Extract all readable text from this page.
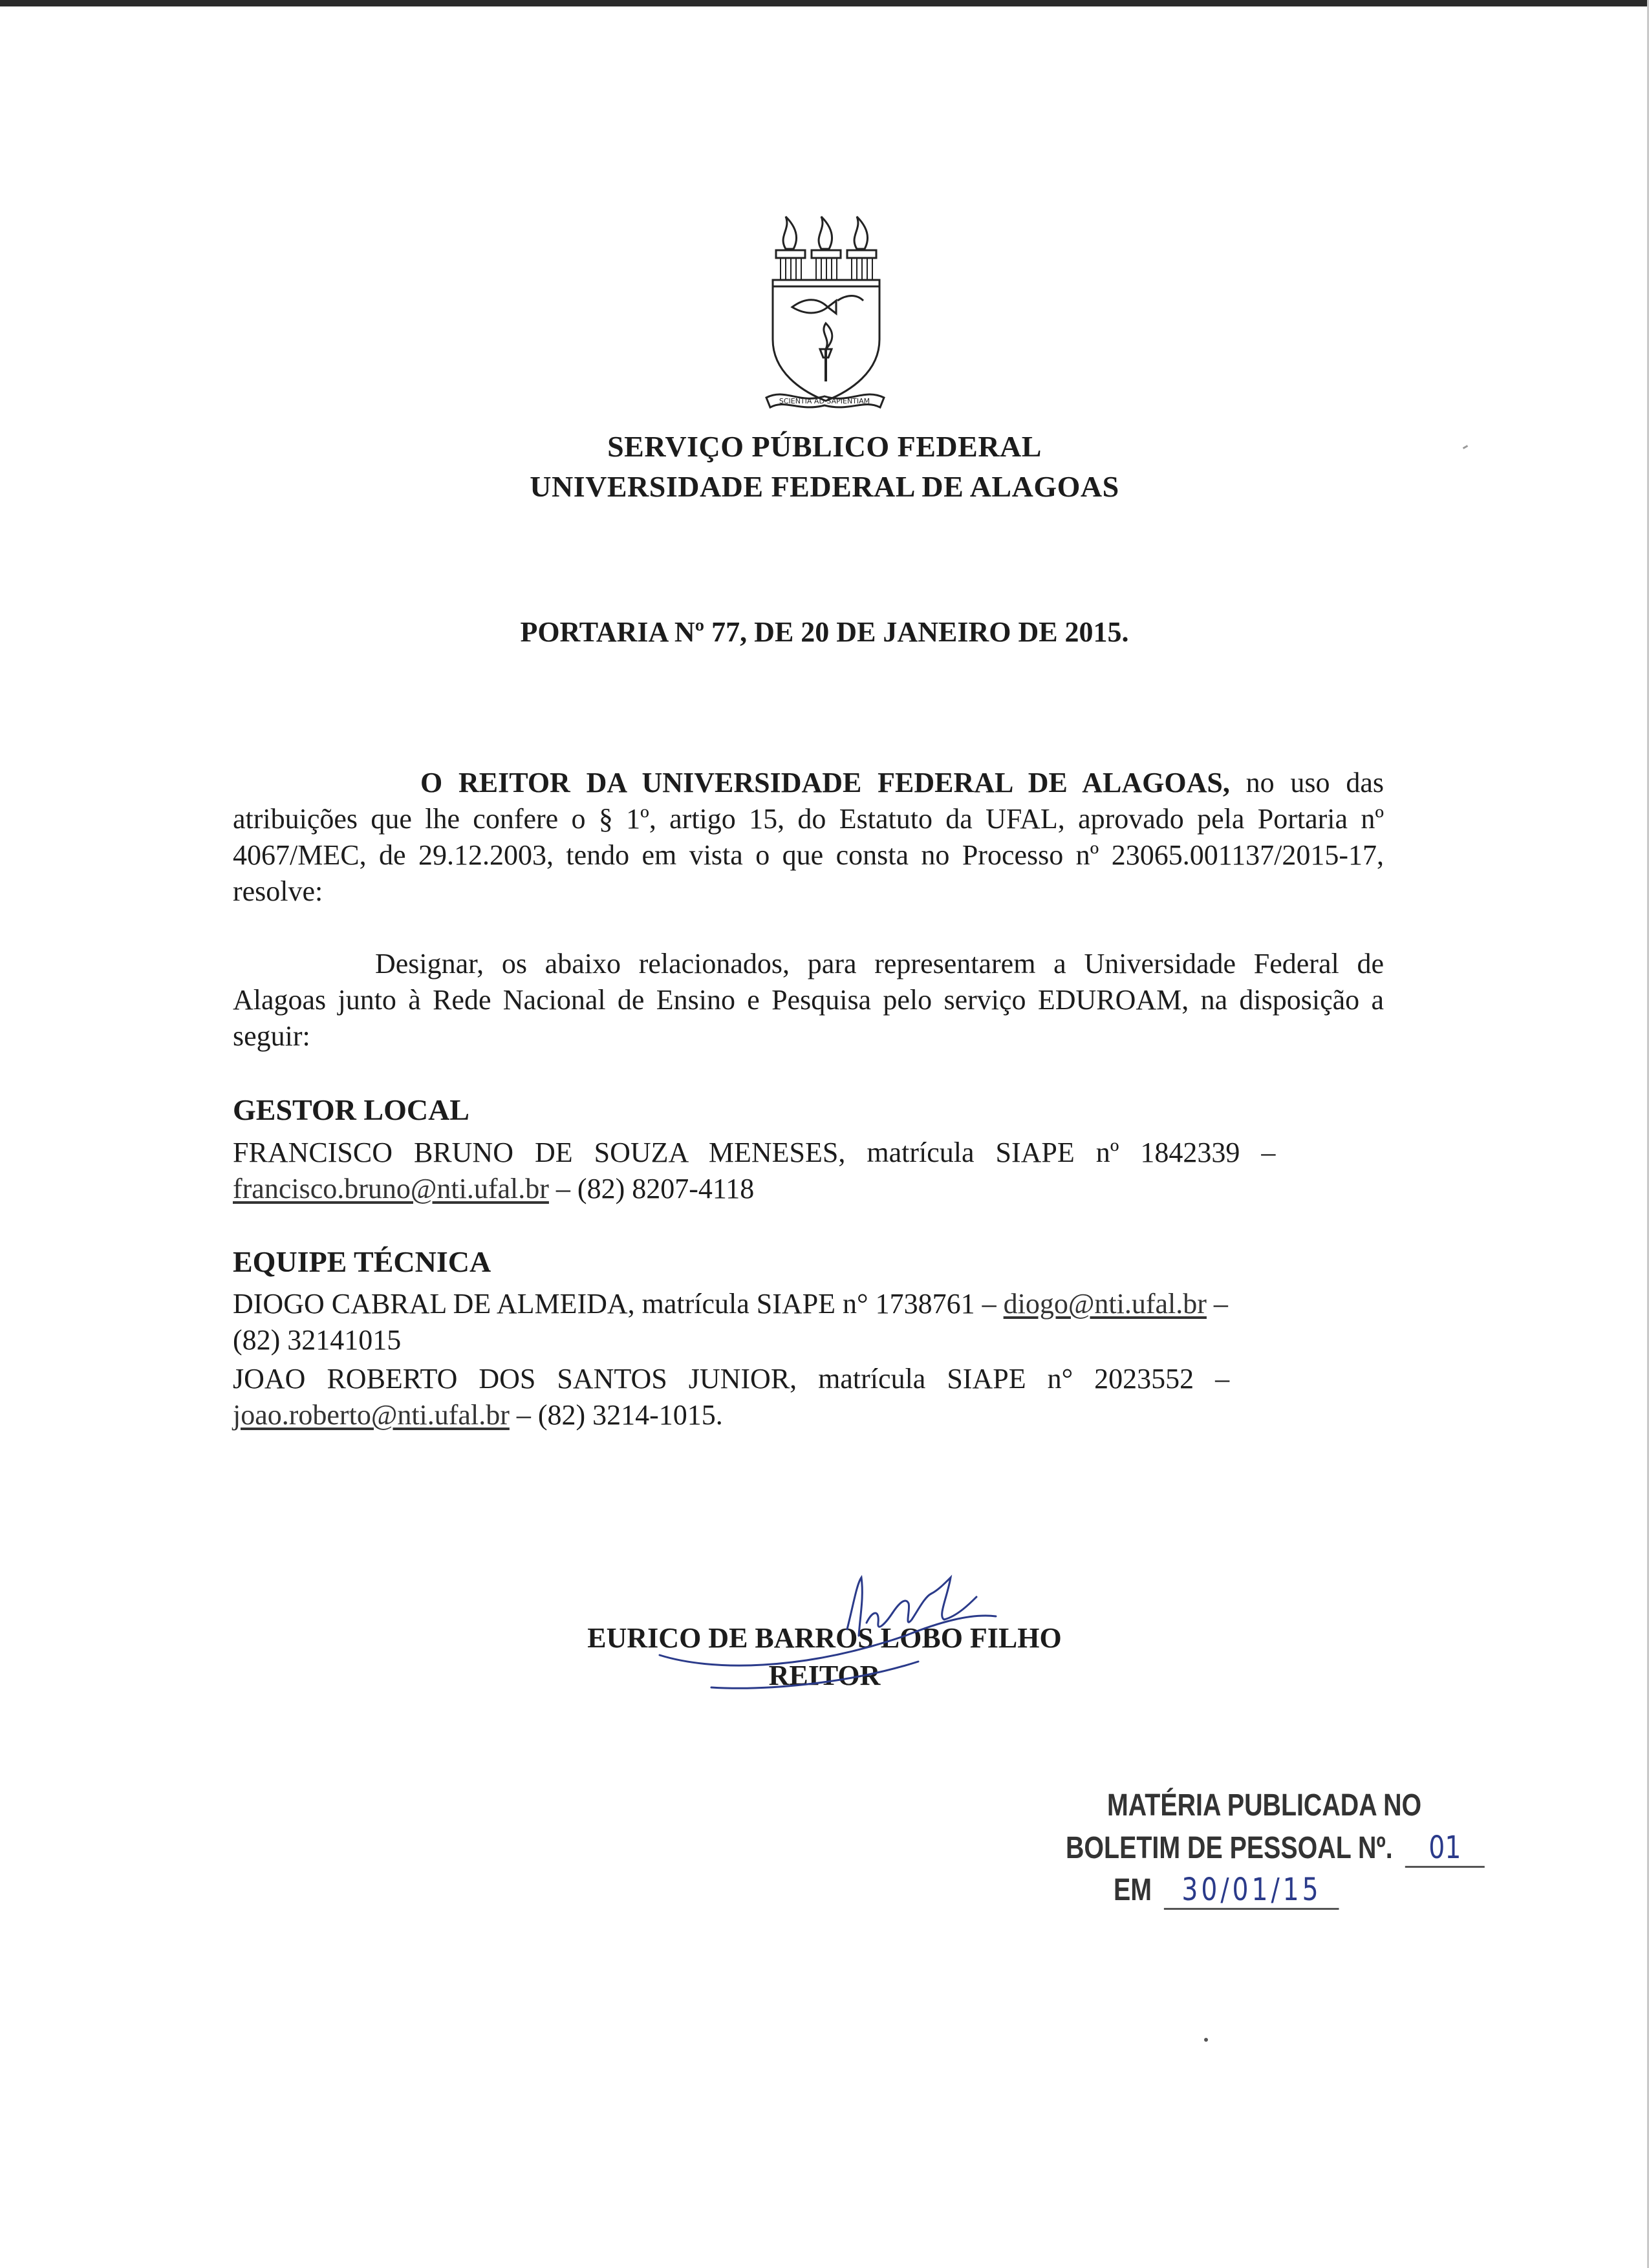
SCIENTIA AD SAPIENTIAM
SERVIÇO PÚBLICO FEDERAL
UNIVERSIDADE FEDERAL DE ALAGOAS
PORTARIA Nº 77, DE 20 DE JANEIRO DE 2015.
O REITOR DA UNIVERSIDADE FEDERAL DE ALAGOAS, no uso das atribuições que lhe confere o § 1º, artigo 15, do Estatuto da UFAL, aprovado pela Portaria nº 4067/MEC, de 29.12.2003, tendo em vista o que consta no Processo nº 23065.001137/2015-17, resolve:
Designar, os abaixo relacionados, para representarem a Universidade Federal de Alagoas junto à Rede Nacional de Ensino e Pesquisa pelo serviço EDUROAM, na disposição a seguir:
GESTOR LOCAL
FRANCISCO BRUNO DE SOUZA MENESES, matrícula SIAPE nº 1842339 –
francisco.bruno@nti.ufal.br – (82) 8207-4118
EQUIPE TÉCNICA
DIOGO CABRAL DE ALMEIDA, matrícula SIAPE n° 1738761 – diogo@nti.ufal.br –
(82) 32141015
JOAO ROBERTO DOS SANTOS JUNIOR, matrícula SIAPE n° 2023552 –
joao.roberto@nti.ufal.br – (82) 3214-1015.
EURICO DE BARROS LOBO FILHO
REITOR
MATÉRIA PUBLICADA NO
BOLETIM DE PESSOAL Nº. 01
EM 30/01/15
